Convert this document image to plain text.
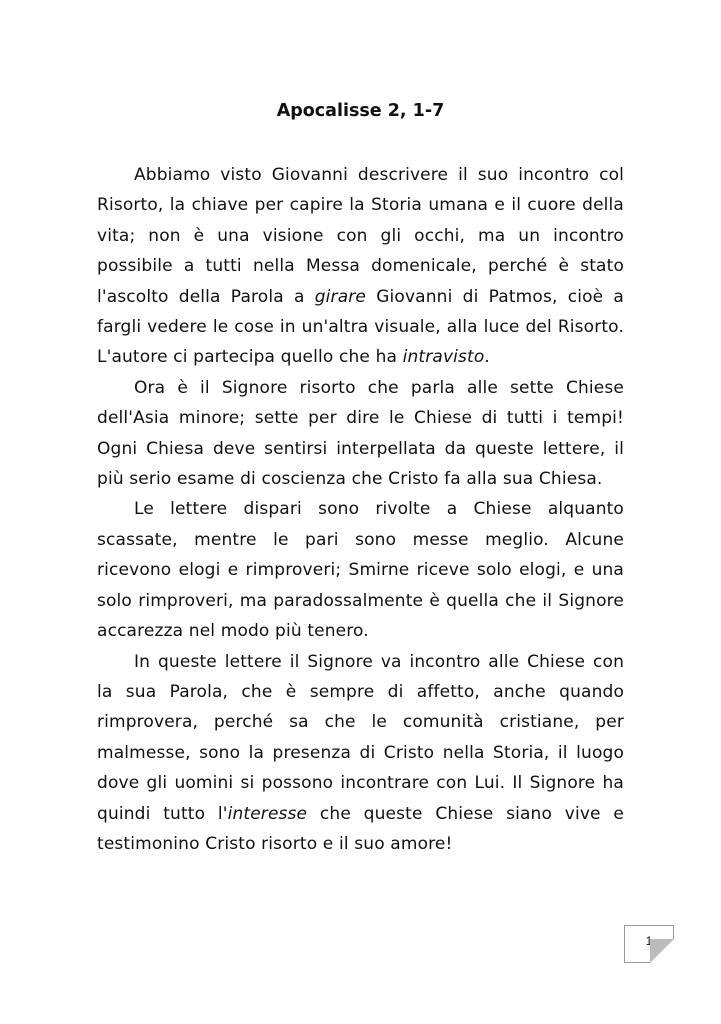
Apocalisse 2, 1-7

Abbiamo visto Giovanni descrivere il suo incontro col Risorto, la chiave per capire la Storia umana e il cuore della vita; non è una visione con gli occhi, ma un incontro possibile a tutti nella Messa domenicale, perché è stato l'ascolto della Parola a girare Giovanni di Patmos, cioè a fargli vedere le cose in un'altra visuale, alla luce del Risorto. L'autore ci partecipa quello che ha intravisto.

Ora è il Signore risorto che parla alle sette Chiese dell'Asia minore; sette per dire le Chiese di tutti i tempi! Ogni Chiesa deve sentirsi interpellata da queste lettere, il più serio esame di coscienza che Cristo fa alla sua Chiesa.

Le lettere dispari sono rivolte a Chiese alquanto scassate, mentre le pari sono messe meglio. Alcune ricevono elogi e rimproveri; Smirne riceve solo elogi, e una solo rimproveri, ma paradossalmente è quella che il Signore accarezza nel modo più tenero.

In queste lettere il Signore va incontro alle Chiese con la sua Parola, che è sempre di affetto, anche quando rimprovera, perché sa che le comunità cristiane, per malmesse, sono la presenza di Cristo nella Storia, il luogo dove gli uomini si possono incontrare con Lui. Il Signore ha quindi tutto l'interesse che queste Chiese siano vive e testimonino Cristo risorto e il suo amore!

1
